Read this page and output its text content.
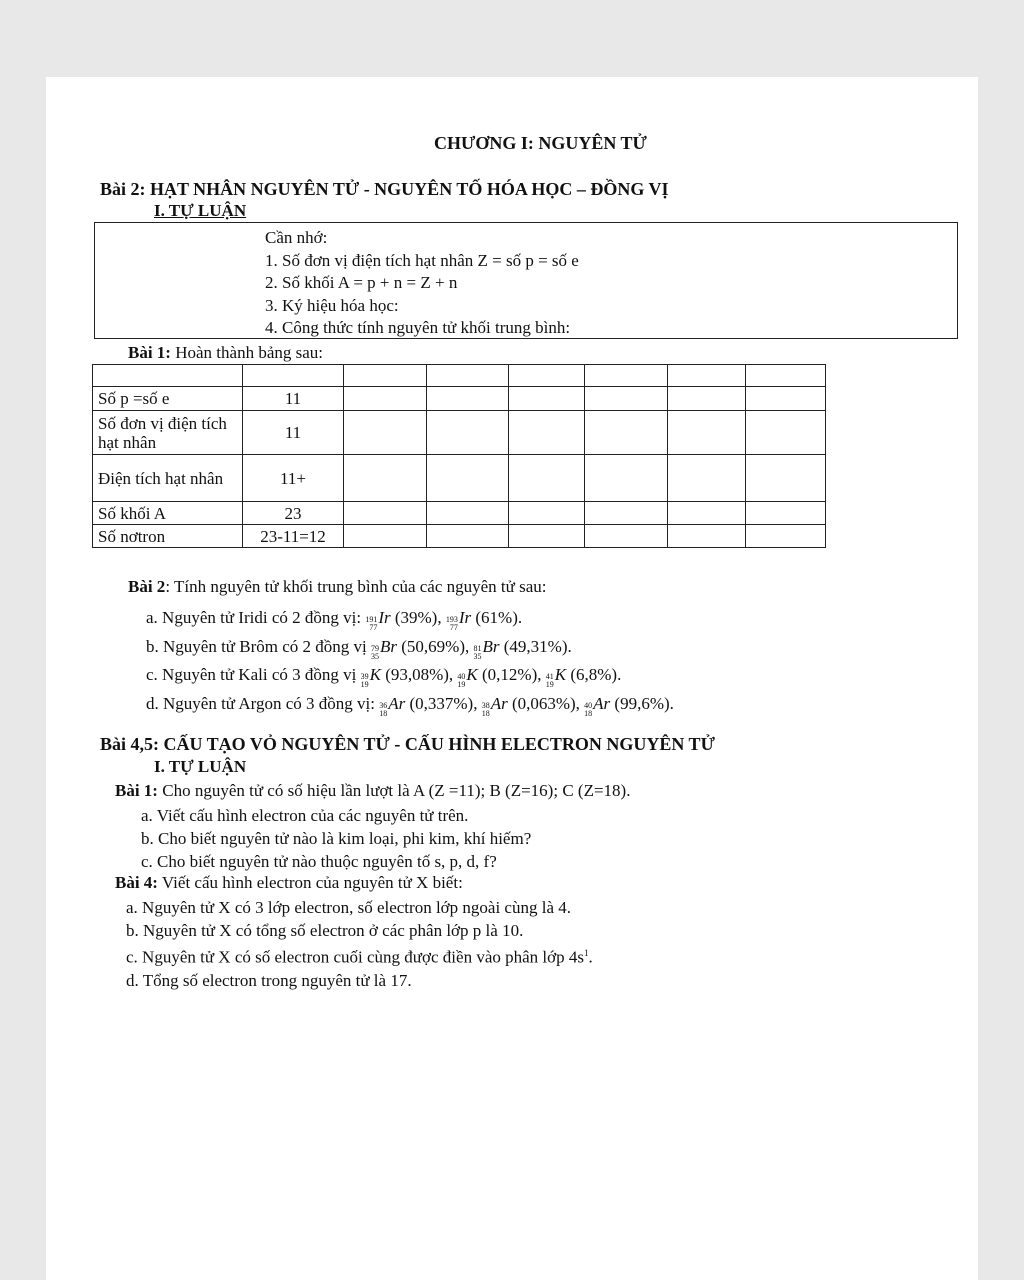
CHƯƠNG I: NGUYÊN TỬ
Bài 2: HẠT NHÂN NGUYÊN TỬ - NGUYÊN TỐ HÓA HỌC – ĐỒNG VỊ
I. TỰ LUẬN
Cần nhớ:
1. Số đơn vị điện tích hạt nhân Z = số p = số e
2. Số khối A = p + n = Z + n
3. Ký hiệu hóa học:
4. Công thức tính nguyên tử khối trung bình:
Bài 1: Hoàn thành bảng sau:

Số p =số e	11						
Số đơn vị điện tích hạt nhân	11						
Điện tích hạt nhân	11+						
Số khối A	23						
Số nơtron	23-11=12						
Bài 2: Tính nguyên tử khối trung bình của các nguyên tử sau:
a. Nguyên tử Iridi có 2 đồng vị: 191
77
Ir (39%), 193
77
Ir (61%).
b. Nguyên tử Brôm có 2 đồng vị 79
35
Br (50,69%), 81
35
Br (49,31%).
c. Nguyên tử Kali có 3 đồng vị 39
19
K (93,08%), 40
19
K (0,12%), 41
19
K (6,8%).
d. Nguyên tử Argon có 3 đồng vị: 36
18
Ar (0,337%), 38
18
Ar (0,063%), 40
18
Ar (99,6%).
Bài 4,5: CẤU TẠO VỎ NGUYÊN TỬ - CẤU HÌNH ELECTRON NGUYÊN TỬ
I. TỰ LUẬN
Bài 1: Cho nguyên tử có số hiệu lần lượt là A (Z =11); B (Z=16); C (Z=18).
a. Viết cấu hình electron của các nguyên tử trên.
b. Cho biết nguyên tử nào là kim loại, phi kim, khí hiếm?
c. Cho biết nguyên tử nào thuộc nguyên tố s, p, d, f?
Bài 4: Viết cấu hình electron của nguyên tử X biết:
a. Nguyên tử X có 3 lớp electron, số electron lớp ngoài cùng là 4.
b. Nguyên tử X có tổng số electron ở các phân lớp p là 10.
c. Nguyên tử X có số electron cuối cùng được điền vào phân lớp $4s^1$.
d. Tổng số electron trong nguyên tử là 17.
